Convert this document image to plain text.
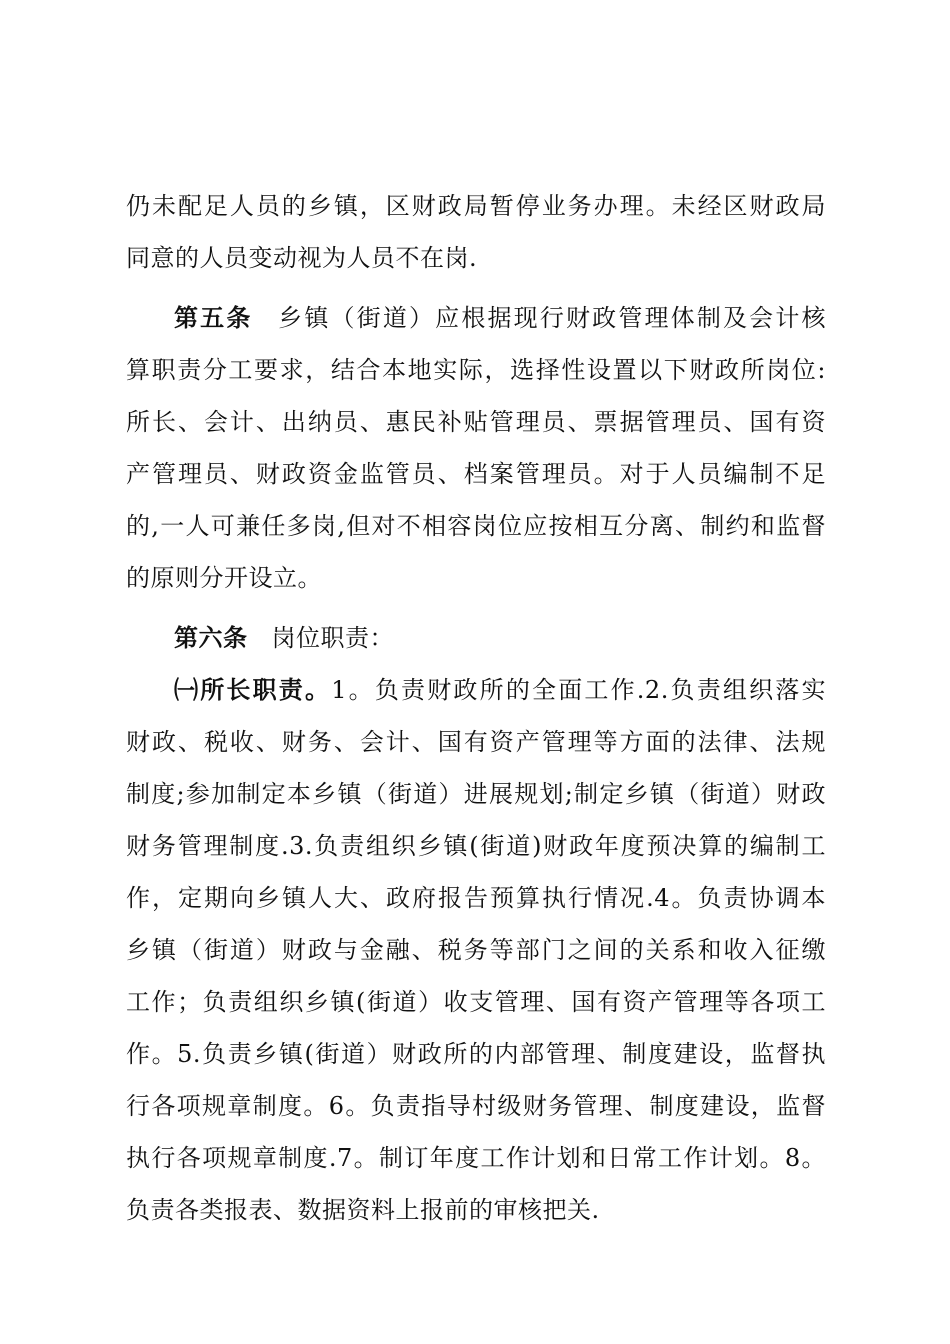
仍未配足人员的乡镇，区财政局暂停业务办理。未经区财政局
同意的人员变动视为人员不在岗.
第五条 乡镇（街道）应根据现行财政管理体制及会计核
算职责分工要求，结合本地实际，选择性设置以下财政所岗位:
所长、会计、出纳员、惠民补贴管理员、票据管理员、国有资
产管理员、财政资金监管员、档案管理员。对于人员编制不足
的,一人可兼任多岗,但对不相容岗位应按相互分离、制约和监督
的原则分开设立。
第六条 岗位职责：
㈠所长职责。1。负责财政所的全面工作.2.负责组织落实
财政、税收、财务、会计、国有资产管理等方面的法律、法规
制度;参加制定本乡镇（街道）进展规划;制定乡镇（街道）财政
财务管理制度.3.负责组织乡镇(街道)财政年度预决算的编制工
作，定期向乡镇人大、政府报告预算执行情况.4。负责协调本
乡镇（街道）财政与金融、税务等部门之间的关系和收入征缴
工作；负责组织乡镇(街道）收支管理、国有资产管理等各项工
作。5.负责乡镇(街道）财政所的内部管理、制度建设，监督执
行各项规章制度。6。负责指导村级财务管理、制度建设，监督
执行各项规章制度.7。制订年度工作计划和日常工作计划。8。
负责各类报表、数据资料上报前的审核把关.
